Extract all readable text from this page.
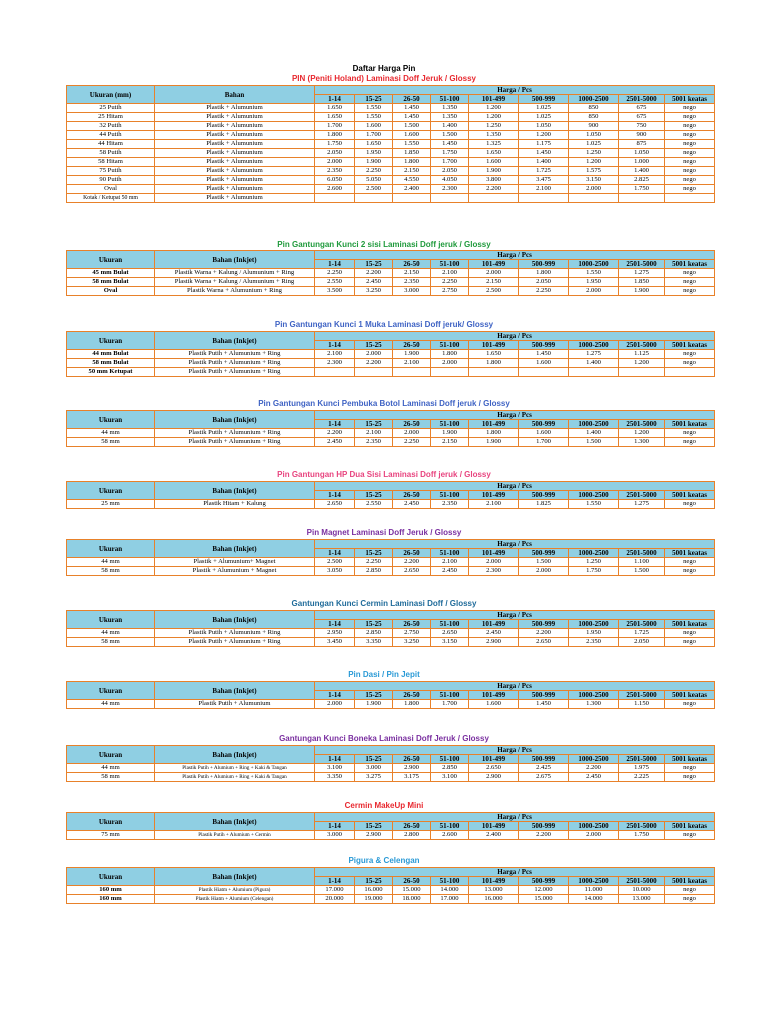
Daftar Harga Pin
PIN (Peniti Holand) Laminasi Doff Jeruk / Glossy
Ukuran (mm)	Bahan	Harga / Pcs								
		1-14	15-25	26-50	51-100	101-499	500-999	1000-2500	2501-5000	5001 keatas
25 Putih	Plastik + Alumunium	1.650	1.550	1.450	1.350	1.200	1.025	850	675	nego
25 Hitam	Plastik + Alumunium	1.650	1.550	1.450	1.350	1.200	1.025	850	675	nego
32 Putih	Plastik + Alumunium	1.700	1.600	1.500	1.400	1.250	1.050	900	750	nego
44 Putih	Plastik + Alumunium	1.800	1.700	1.600	1.500	1.350	1.200	1.050	900	nego
44 Hitam	Plastik + Alumunium	1.750	1.650	1.550	1.450	1.325	1.175	1.025	875	nego
58 Putih	Plastik + Alumunium	2.050	1.950	1.850	1.750	1.650	1.450	1.250	1.050	nego
58 Hitam	Plastik + Alumunium	2.000	1.900	1.800	1.700	1.600	1.400	1.200	1.000	nego
75 Putih	Plastik + Alumunium	2.350	2.250	2.150	2.050	1.900	1.725	1.575	1.400	nego
90 Putih	Plastik + Alumunium	6.050	5.050	4.550	4.050	3.800	3.475	3.150	2.825	nego
Oval	Plastik + Alumunium	2.600	2.500	2.400	2.300	2.200	2.100	2.000	1.750	nego
Kotak / Ketupat 50 mm	Plastik + Alumunium									
Pin Gantungan Kunci 2 sisi Laminasi Doff jeruk / Glossy
Ukuran	Bahan (Inkjet)	Harga / Pcs								
		1-14	15-25	26-50	51-100	101-499	500-999	1000-2500	2501-5000	5001 keatas
45 mm Bulat	Plastik Warna + Kalung / Alumunium + Ring	2.250	2.200	2.150	2.100	2.000	1.800	1.550	1.275	nego
58 mm Bulat	Plastik Warna + Kalung / Alumunium + Ring	2.550	2.450	2.350	2.250	2.150	2.050	1.950	1.850	nego
Oval	Plastik Warna + Alumunium + Ring	3.500	3.250	3.000	2.750	2.500	2.250	2.000	1.900	nego
Pin Gantungan Kunci 1 Muka Laminasi Doff jeruk/ Glossy
Ukuran	Bahan (Inkjet)	Harga / Pcs								
		1-14	15-25	26-50	51-100	101-499	500-999	1000-2500	2501-5000	5001 keatas
44 mm Bulat	Plastik Putih + Alumunium + Ring	2.100	2.000	1.900	1.800	1.650	1.450	1.275	1.125	nego
58 mm Bulat	Plastik Putih + Alumunium + Ring	2.300	2.200	2.100	2.000	1.800	1.600	1.400	1.200	nego
50 mm Ketupat	Plastik Putih + Alumunium + Ring									
Pin Gantungan Kunci Pembuka Botol Laminasi Doff jeruk / Glossy
Ukuran	Bahan (Inkjet)	Harga / Pcs								
		1-14	15-25	26-50	51-100	101-499	500-999	1000-2500	2501-5000	5001 keatas
44 mm	Plastik Putih + Alumunium + Ring	2.200	2.100	2.000	1.900	1.800	1.600	1.400	1.200	nego
58 mm	Plastik Putih + Alumunium + Ring	2.450	2.350	2.250	2.150	1.900	1.700	1.500	1.300	nego
Pin Gantungan HP Dua Sisi Laminasi Doff jeruk / Glossy
Ukuran	Bahan (Inkjet)	Harga / Pcs								
		1-14	15-25	26-50	51-100	101-499	500-999	1000-2500	2501-5000	5001 keatas
25 mm	Plastik Hitam + Kalung	2.650	2.550	2.450	2.350	2.100	1.825	1.550	1.275	nego
Pin Magnet Laminasi Doff Jeruk / Glossy
Ukuran	Bahan (Inkjet)	Harga / Pcs								
		1-14	15-25	26-50	51-100	101-499	500-999	1000-2500	2501-5000	5001 keatas
44 mm	Plastik + Alumunium+ Magnet	2.500	2.250	2.200	2.100	2.000	1.500	1.250	1.100	nego
58 mm	Plastik + Alumunium + Magnet	3.050	2.850	2.650	2.450	2.300	2.000	1.750	1.500	nego
Gantungan Kunci Cermin Laminasi Doff / Glossy
Ukuran	Bahan (Inkjet)	Harga / Pcs								
		1-14	15-25	26-50	51-100	101-499	500-999	1000-2500	2501-5000	5001 keatas
44 mm	Plastik Putih + Alumunium + Ring	2.950	2.850	2.750	2.650	2.450	2.200	1.950	1.725	nego
58 mm	Plastik Putih + Alumunium + Ring	3.450	3.350	3.250	3.150	2.900	2.650	2.350	2.050	nego
Pin Dasi / Pin Jepit
Ukuran	Bahan (Inkjet)	Harga / Pcs								
		1-14	15-25	26-50	51-100	101-499	500-999	1000-2500	2501-5000	5001 keatas
44 mm	Plastik Putih + Alumunium	2.000	1.900	1.800	1.700	1.600	1.450	1.300	1.150	nego
Gantungan Kunci Boneka Laminasi Doff Jeruk / Glossy
Ukuran	Bahan (Inkjet)	Harga / Pcs								
		1-14	15-25	26-50	51-100	101-499	500-999	1000-2500	2501-5000	5001 keatas
44 mm	Plastik Putih + Alumium + Ring + Kaki & Tangan	3.100	3.000	2.900	2.850	2.650	2.425	2.200	1.975	nego
58 mm	Plastik Putih + Alumium + Ring + Kaki & Tangan	3.350	3.275	3.175	3.100	2.900	2.675	2.450	2.225	nego
Cermin MakeUp Mini
Ukuran	Bahan (Inkjet)	Harga / Pcs								
		1-14	15-25	26-50	51-100	101-499	500-999	1000-2500	2501-5000	5001 keatas
75 mm	Plastik Putih + Alumium + Cermin	3.000	2.900	2.800	2.600	2.400	2.200	2.000	1.750	nego
Pigura & Celengan
Ukuran	Bahan (Inkjet)	Harga / Pcs								
		1-14	15-25	26-50	51-100	101-499	500-999	1000-2500	2501-5000	5001 keatas
160 mm	Plastik Hiatm + Alumium (Pigura)	17.000	16.000	15.000	14.000	13.000	12.000	11.000	10.000	nego
160 mm	Plastik Hiatm + Alumium (Celengan)	20.000	19.000	18.000	17.000	16.000	15.000	14.000	13.000	nego
